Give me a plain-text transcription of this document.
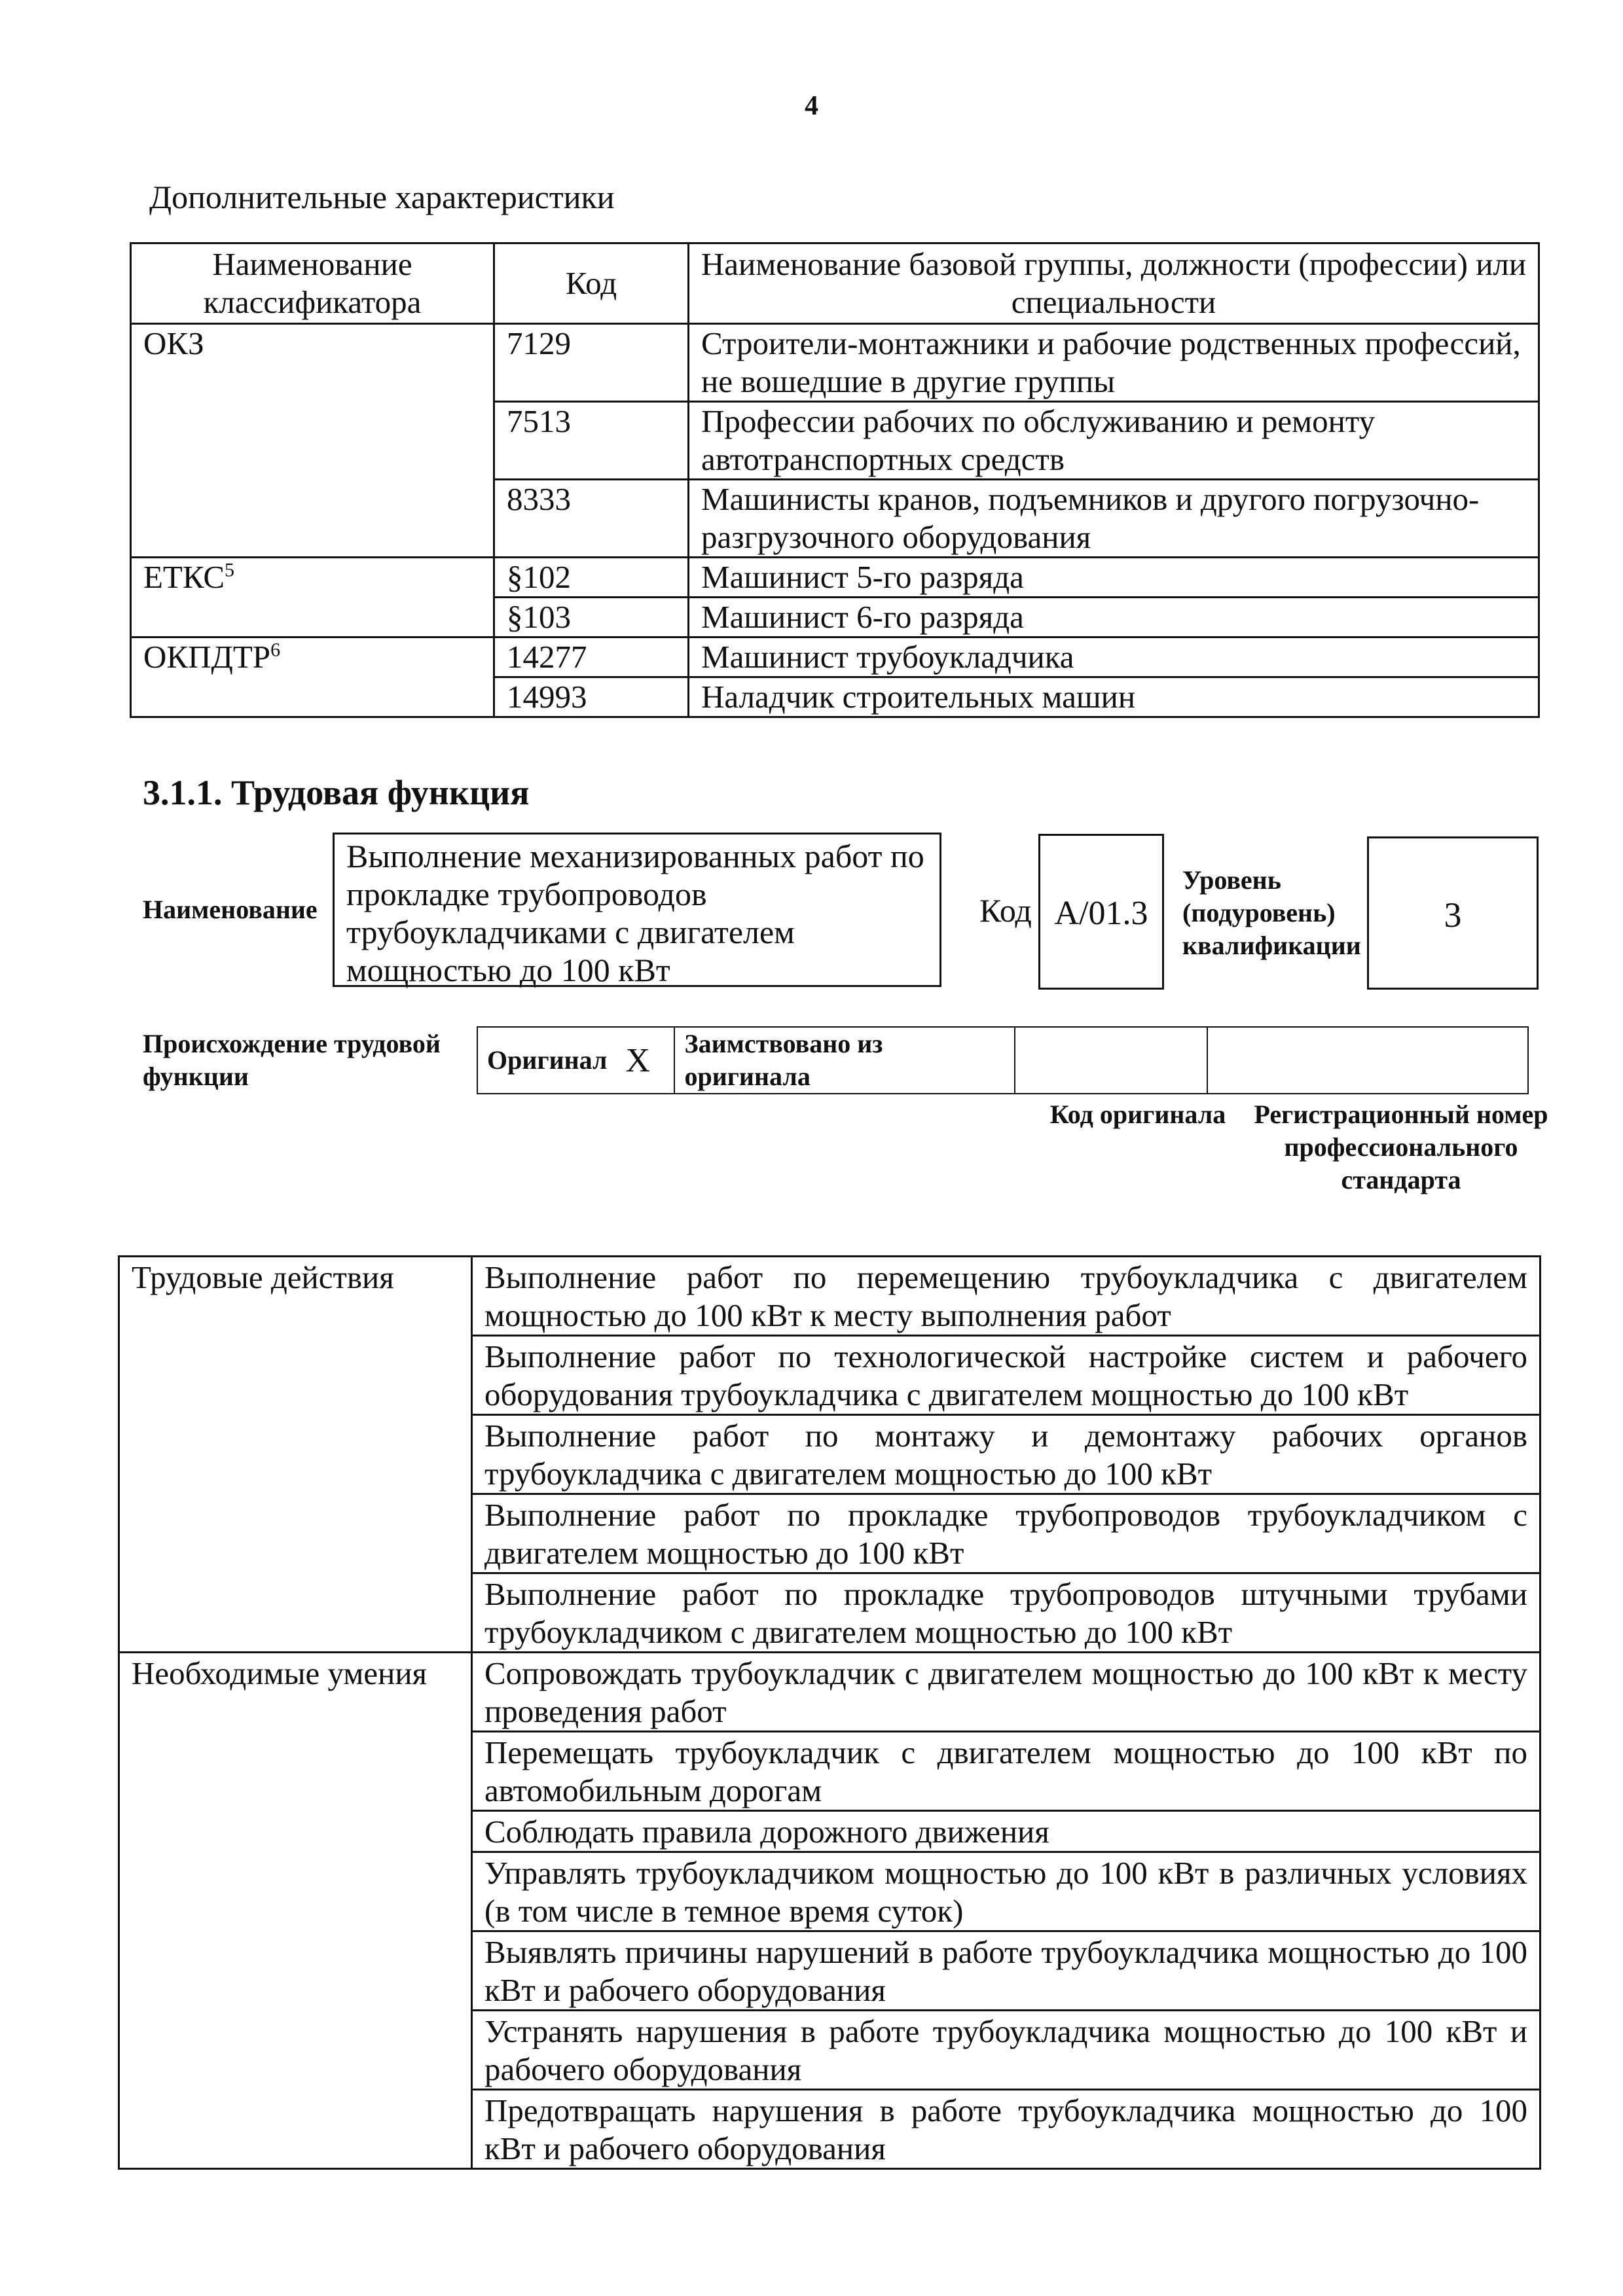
4
Дополнительные характеристики
Наименование классификатора	Код	Наименование базовой группы, должности (профессии) или специальности
ОКЗ	7129	Строители-монтажники и рабочие родственных профессий, не вошедшие в другие группы
	7513	Профессии рабочих по обслуживанию и ремонту автотранспортных средств
	8333	Машинисты кранов, подъемников и другого погрузочно-разгрузочного оборудования
ЕТКС$^5$	§102	Машинист 5-го разряда
	§103	Машинист 6-го разряда
ОКПДТР$^6$	14277	Машинист трубоукладчика
	14993	Наладчик строительных машин
3.1.1. Трудовая функция
Наименование
Выполнение механизированных работ по прокладке трубопроводов трубоукладчиками с двигателем мощностью до 100 кВт
Код А/01.3
Уровень (подуровень) квалификации
3
Происхождение трудовой функции
Оригинал	X	Заимствовано из оригинала		
Код оригинала Регистрационный номер профессионального стандарта
Трудовые действия	Выполнение работ по перемещению трубоукладчика с двигателем мощностью до 100 кВт к месту выполнения работ
	Выполнение работ по технологической настройке систем и рабочего оборудования трубоукладчика с двигателем мощностью до 100 кВт
	Выполнение работ по монтажу и демонтажу рабочих органов трубоукладчика с двигателем мощностью до 100 кВт
	Выполнение работ по прокладке трубопроводов трубоукладчиком с двигателем мощностью до 100 кВт
	Выполнение работ по прокладке трубопроводов штучными трубами трубоукладчиком с двигателем мощностью до 100 кВт
Необходимые умения	Сопровождать трубоукладчик с двигателем мощностью до 100 кВт к месту проведения работ
	Перемещать трубоукладчик с двигателем мощностью до 100 кВт по автомобильным дорогам
	Соблюдать правила дорожного движения
	Управлять трубоукладчиком мощностью до 100 кВт в различных условиях (в том числе в темное время суток)
	Выявлять причины нарушений в работе трубоукладчика мощностью до 100 кВт и рабочего оборудования
	Устранять нарушения в работе трубоукладчика мощностью до 100 кВт и рабочего оборудования
	Предотвращать нарушения в работе трубоукладчика мощностью до 100 кВт и рабочего оборудования
